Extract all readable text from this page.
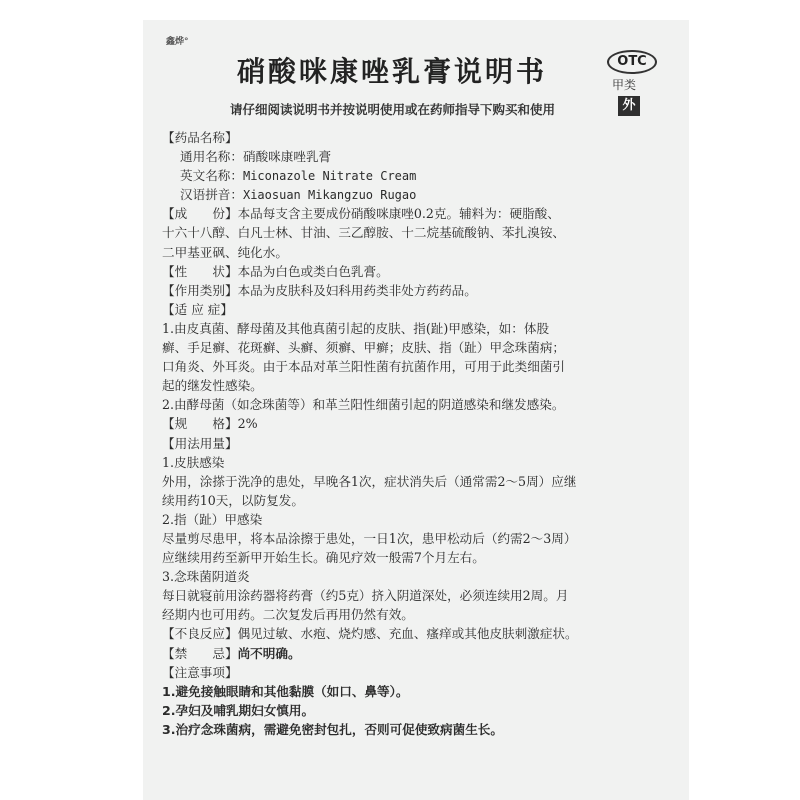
鑫烨°
硝酸咪康唑乳膏说明书	OTC
甲类
外
请仔细阅读说明书并按说明使用或在药师指导下购买和使用
【药品名称】
通用名称：硝酸咪康唑乳膏
英文名称：Miconazole Nitrate Cream
汉语拼音：Xiaosuan Mikangzuo Rugao
【成　　份】本品每支含主要成份硝酸咪康唑0.2克。辅料为：硬脂酸、
十六十八醇、白凡士林、甘油、三乙醇胺、十二烷基硫酸钠、苯扎溴铵、
二甲基亚砜、纯化水。
【性　　状】本品为白色或类白色乳膏。
【作用类别】本品为皮肤科及妇科用药类非处方药药品。
【适 应 症】
1.由皮真菌、酵母菌及其他真菌引起的皮肤、指(趾)甲感染，如：体股
癣、手足癣、花斑癣、头癣、须癣、甲癣；皮肤、指（趾）甲念珠菌病；
口角炎、外耳炎。由于本品对革兰阳性菌有抗菌作用，可用于此类细菌引
起的继发性感染。
2.由酵母菌（如念珠菌等）和革兰阳性细菌引起的阴道感染和继发感染。
【规　　格】2%
【用法用量】
1.皮肤感染
外用，涂搽于洗净的患处，早晚各1次，症状消失后（通常需2～5周）应继
续用药10天，以防复发。
2.指（趾）甲感染
尽量剪尽患甲，将本品涂擦于患处，一日1次，患甲松动后（约需2～3周）
应继续用药至新甲开始生长。确见疗效一般需7个月左右。
3.念珠菌阴道炎
每日就寝前用涂药器将药膏（约5克）挤入阴道深处，必须连续用2周。月
经期内也可用药。二次复发后再用仍然有效。
【不良反应】偶见过敏、水疱、烧灼感、充血、瘙痒或其他皮肤刺激症状。
【禁　　忌】尚不明确。
【注意事项】
1.避免接触眼睛和其他黏膜（如口、鼻等）。
2.孕妇及哺乳期妇女慎用。
3.治疗念珠菌病，需避免密封包扎，否则可促使致病菌生长。
